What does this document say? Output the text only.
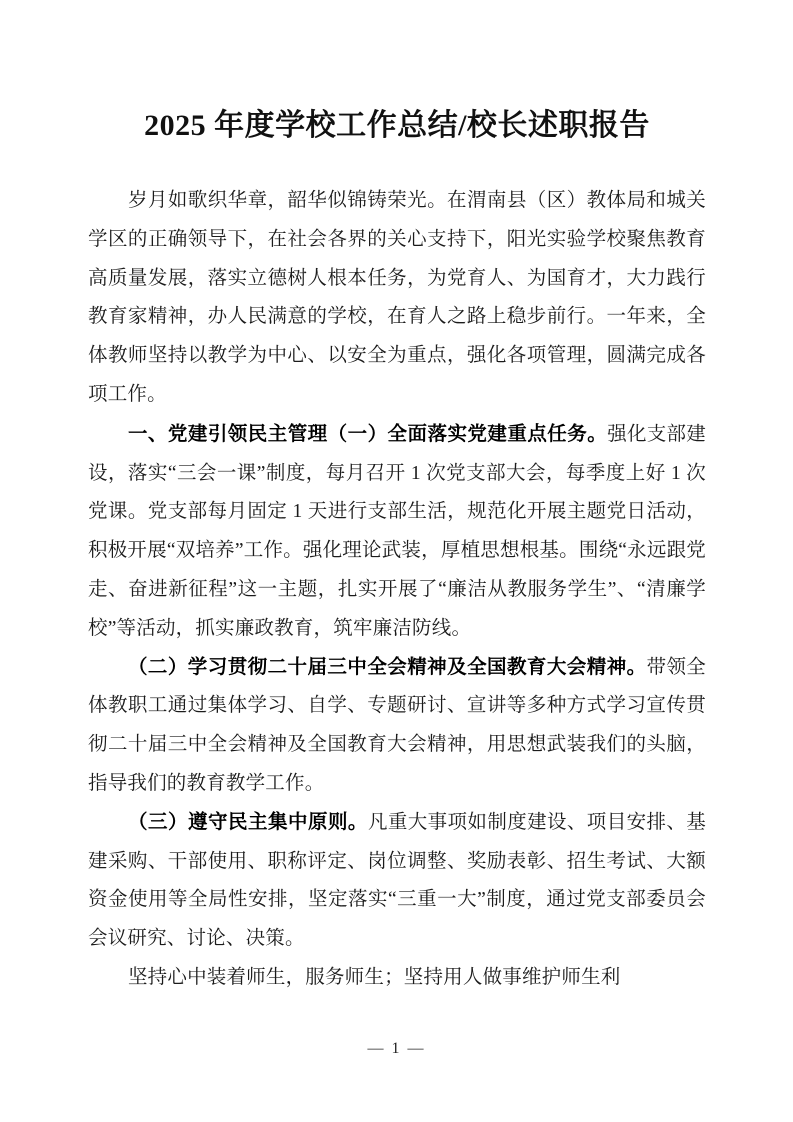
2025 年度学校工作总结/校长述职报告

岁月如歌织华章，韶华似锦铸荣光。在渭南县（区）教体局和城关学区的正确领导下，在社会各界的关心支持下，阳光实验学校聚焦教育高质量发展，落实立德树人根本任务，为党育人、为国育才，大力践行教育家精神，办人民满意的学校，在育人之路上稳步前行。一年来，全体教师坚持以教学为中心、以安全为重点，强化各项管理，圆满完成各项工作。

一、党建引领民主管理（一）全面落实党建重点任务。强化支部建设，落实“三会一课”制度，每月召开 1 次党支部大会，每季度上好 1 次党课。党支部每月固定 1 天进行支部生活，规范化开展主题党日活动，积极开展“双培养”工作。强化理论武装，厚植思想根基。围绕“永远跟党走、奋进新征程”这一主题，扎实开展了“廉洁从教服务学生”、“清廉学校”等活动，抓实廉政教育，筑牢廉洁防线。

（二）学习贯彻二十届三中全会精神及全国教育大会精神。带领全体教职工通过集体学习、自学、专题研讨、宣讲等多种方式学习宣传贯彻二十届三中全会精神及全国教育大会精神，用思想武装我们的头脑，指导我们的教育教学工作。

（三）遵守民主集中原则。凡重大事项如制度建设、项目安排、基建采购、干部使用、职称评定、岗位调整、奖励表彰、招生考试、大额资金使用等全局性安排，坚定落实“三重一大”制度，通过党支部委员会会议研究、讨论、决策。

坚持心中装着师生，服务师生；坚持用人做事维护师生利

— 1 —
